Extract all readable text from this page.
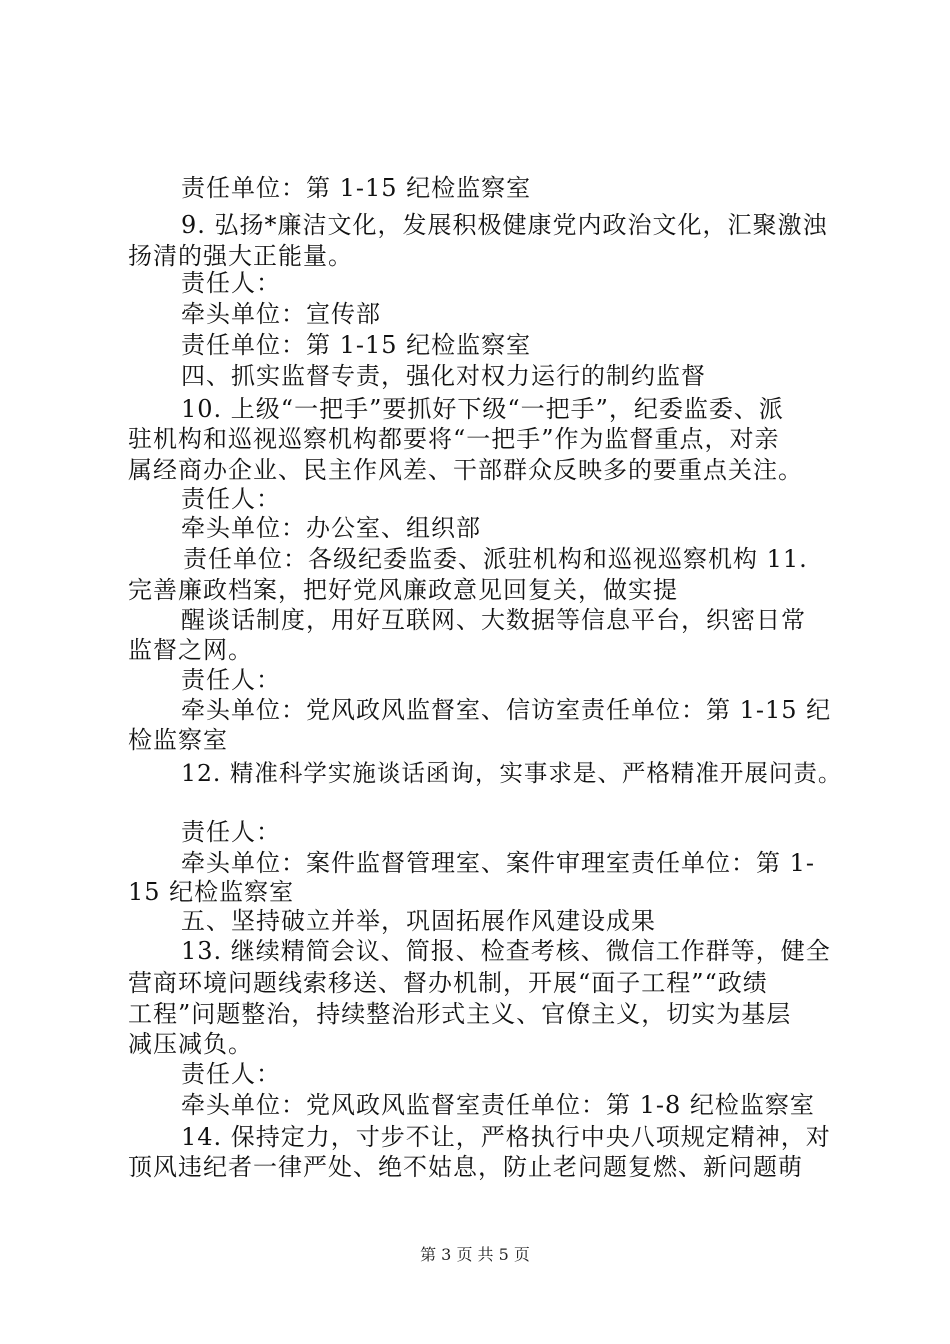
责任单位：第 1-15 纪检监察室
9. 弘扬*廉洁文化，发展积极健康党内政治文化，汇聚激浊
扬清的强大正能量。
责任人：
牵头单位：宣传部
责任单位：第 1-15 纪检监察室
四、抓实监督专责，强化对权力运行的制约监督
10. 上级“一把手”要抓好下级“一把手”，纪委监委、派
驻机构和巡视巡察机构都要将“一把手”作为监督重点，对亲
属经商办企业、民主作风差、干部群众反映多的要重点关注。
责任人：
牵头单位：办公室、组织部
责任单位：各级纪委监委、派驻机构和巡视巡察机构 11.
完善廉政档案，把好党风廉政意见回复关，做实提
醒谈话制度，用好互联网、大数据等信息平台，织密日常
监督之网。
责任人：
牵头单位：党风政风监督室、信访室责任单位：第 1-15 纪
检监察室
12. 精准科学实施谈话函询，实事求是、严格精准开展问责。
责任人：
牵头单位：案件监督管理室、案件审理室责任单位：第 1-
15 纪检监察室
五、坚持破立并举，巩固拓展作风建设成果
13. 继续精简会议、简报、检查考核、微信工作群等，健全
营商环境问题线索移送、督办机制，开展“面子工程”“政绩
工程”问题整治，持续整治形式主义、官僚主义，切实为基层
减压减负。
责任人：
牵头单位：党风政风监督室责任单位：第 1-8 纪检监察室
14. 保持定力，寸步不让，严格执行中央八项规定精神，对
顶风违纪者一律严处、绝不姑息，防止老问题复燃、新问题萌
第 3 页 共 5 页
